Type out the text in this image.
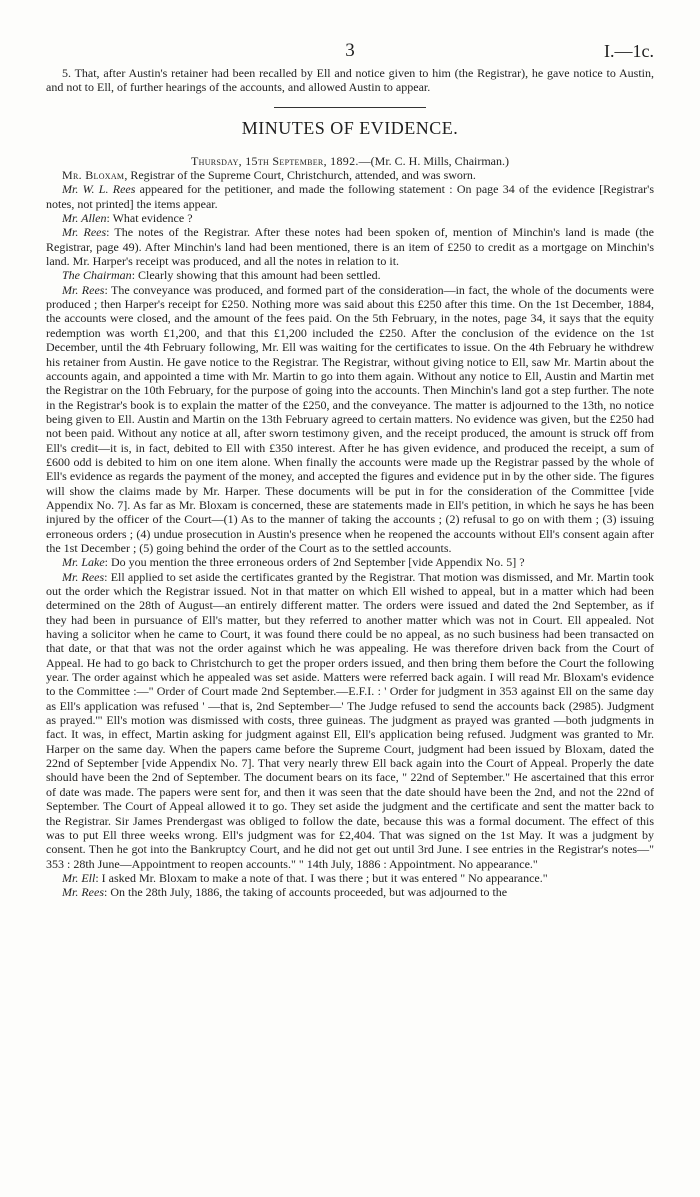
3	I.—1c.

5. That, after Austin's retainer had been recalled by Ell and notice given to him (the Registrar), he gave notice to Austin, and not to Ell, of further hearings of the accounts, and allowed Austin to appear.

MINUTES OF EVIDENCE.

Thursday, 15th September, 1892.—(Mr. C. H. Mills, Chairman.)

Mr. Bloxam, Registrar of the Supreme Court, Christchurch, attended, and was sworn.

Mr. W. L. Rees appeared for the petitioner, and made the following statement : On page 34 of the evidence [Registrar's notes, not printed] the items appear.

Mr. Allen: What evidence ?

Mr. Rees: The notes of the Registrar. After these notes had been spoken of, mention of Minchin's land is made (the Registrar, page 49). After Minchin's land had been mentioned, there is an item of £250 to credit as a mortgage on Minchin's land. Mr. Harper's receipt was produced, and all the notes in relation to it.

The Chairman: Clearly showing that this amount had been settled.

Mr. Rees: The conveyance was produced, and formed part of the consideration—in fact, the whole of the documents were produced ; then Harper's receipt for £250. Nothing more was said about this £250 after this time. On the 1st December, 1884, the accounts were closed, and the amount of the fees paid. On the 5th February, in the notes, page 34, it says that the equity redemption was worth £1,200, and that this £1,200 included the £250. After the conclusion of the evidence on the 1st December, until the 4th February following, Mr. Ell was waiting for the certificates to issue. On the 4th February he withdrew his retainer from Austin. He gave notice to the Registrar. The Registrar, without giving notice to Ell, saw Mr. Martin about the accounts again, and appointed a time with Mr. Martin to go into them again. Without any notice to Ell, Austin and Martin met the Registrar on the 10th February, for the purpose of going into the accounts. Then Minchin's land got a step further. The note in the Registrar's book is to explain the matter of the £250, and the conveyance. The matter is adjourned to the 13th, no notice being given to Ell. Austin and Martin on the 13th February agreed to certain matters. No evidence was given, but the £250 had not been paid. Without any notice at all, after sworn testimony given, and the receipt produced, the amount is struck off from Ell's credit—it is, in fact, debited to Ell with £350 interest. After he has given evidence, and produced the receipt, a sum of £600 odd is debited to him on one item alone. When finally the accounts were made up the Registrar passed by the whole of Ell's evidence as regards the payment of the money, and accepted the figures and evidence put in by the other side. The figures will show the claims made by Mr. Harper. These documents will be put in for the consideration of the Committee [vide Appendix No. 7]. As far as Mr. Bloxam is concerned, these are statements made in Ell's petition, in which he says he has been injured by the officer of the Court—(1) As to the manner of taking the accounts ; (2) refusal to go on with them ; (3) issuing erroneous orders ; (4) undue prosecution in Austin's presence when he reopened the accounts without Ell's consent again after the 1st December ; (5) going behind the order of the Court as to the settled accounts.

Mr. Lake: Do you mention the three erroneous orders of 2nd September [vide Appendix No. 5] ?

Mr. Rees: Ell applied to set aside the certificates granted by the Registrar. That motion was dismissed, and Mr. Martin took out the order which the Registrar issued. Not in that matter on which Ell wished to appeal, but in a matter which had been determined on the 28th of August—an entirely different matter. The orders were issued and dated the 2nd September, as if they had been in pursuance of Ell's matter, but they referred to another matter which was not in Court. Ell appealed. Not having a solicitor when he came to Court, it was found there could be no appeal, as no such business had been transacted on that date, or that that was not the order against which he was appealing. He was therefore driven back from the Court of Appeal. He had to go back to Christchurch to get the proper orders issued, and then bring them before the Court the following year. The order against which he appealed was set aside. Matters were referred back again. I will read Mr. Bloxam's evidence to the Committee :—" Order of Court made 2nd September.—E.F.I. : ' Order for judgment in 353 against Ell on the same day as Ell's application was refused ' —that is, 2nd September—' The Judge refused to send the accounts back (2985). Judgment as prayed.'" Ell's motion was dismissed with costs, three guineas. The judgment as prayed was granted —both judgments in fact. It was, in effect, Martin asking for judgment against Ell, Ell's application being refused. Judgment was granted to Mr. Harper on the same day. When the papers came before the Supreme Court, judgment had been issued by Bloxam, dated the 22nd of September [vide Appendix No. 7]. That very nearly threw Ell back again into the Court of Appeal. Properly the date should have been the 2nd of September. The document bears on its face, " 22nd of September." He ascertained that this error of date was made. The papers were sent for, and then it was seen that the date should have been the 2nd, and not the 22nd of September. The Court of Appeal allowed it to go. They set aside the judgment and the certificate and sent the matter back to the Registrar. Sir James Prendergast was obliged to follow the date, because this was a formal document. The effect of this was to put Ell three weeks wrong. Ell's judgment was for £2,404. That was signed on the 1st May. It was a judgment by consent. Then he got into the Bankruptcy Court, and he did not get out until 3rd June. I see entries in the Registrar's notes—" 353 : 28th June—Appointment to reopen accounts." " 14th July, 1886 : Appointment. No appearance."

Mr. Ell: I asked Mr. Bloxam to make a note of that. I was there ; but it was entered " No appearance."

Mr. Rees: On the 28th July, 1886, the taking of accounts proceeded, but was adjourned to the
